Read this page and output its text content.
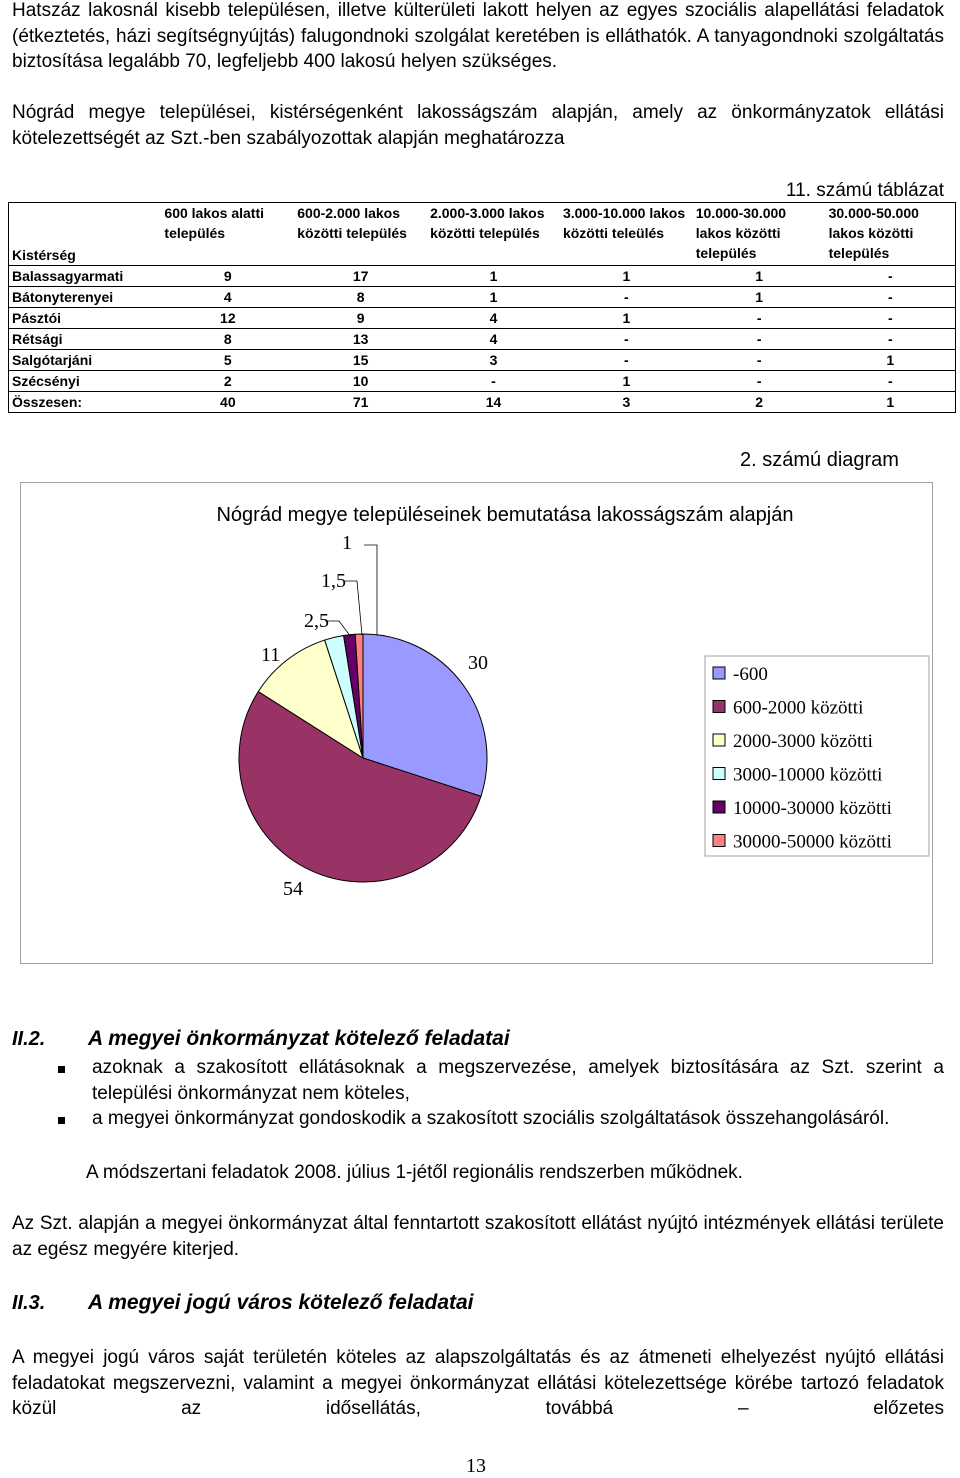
Hatszáz lakosnál kisebb településen, illetve külterületi lakott helyen az egyes szociális alapellátási feladatok (étkeztetés, házi segítségnyújtás) falugondnoki szolgálat keretében is elláthatók. A tanyagondnoki szolgáltatás biztosítása legalább 70, legfeljebb 400 lakosú helyen szükséges.

Nógrád megye települései, kistérségenként lakosságszám alapján, amely az önkormányzatok ellátási kötelezettségét az Szt.-ben szabályozottak alapján meghatározza

11. számú táblázat
Kistérség	600 lakos alatti település	600-2.000 lakos közötti település	2.000-3.000 lakos közötti település	3.000-10.000 lakos közötti teleülés	10.000-30.000 lakos közötti település	30.000-50.000 lakos közötti település
Balassagyarmati	9	17	1	1	1	-
Bátonyterenyei	4	8	1	-	1	-
Pásztói	12	9	4	1	-	-
Rétsági	8	13	4	-	-	-
Salgótarjáni	5	15	3	-	-	1
Szécsényi	2	10	-	1	-	-
Összesen:	40	71	14	3	2	1
2. számú diagram
Nógrád megye településeinek bemutatása lakosságszám alapján
30
54
11
2,5
1,5
1
-600
600-2000 közötti
2000-3000 közötti
3000-10000 közötti
10000-30000 közötti
30000-50000 közötti
II.2. A megyei önkormányzat kötelező feladatai

azoknak a szakosított ellátásoknak a megszervezése, amelyek biztosítására az Szt. szerint a települési önkormányzat nem köteles,

a megyei önkormányzat gondoskodik a szakosított szociális szolgáltatások összehangolásáról.

A módszertani feladatok 2008. július 1-jétől regionális rendszerben működnek.

Az Szt. alapján a megyei önkormányzat által fenntartott szakosított ellátást nyújtó intézmények ellátási területe az egész megyére kiterjed.

II.3. A megyei jogú város kötelező feladatai

A megyei jogú város saját területén köteles az alapszolgáltatás és az átmeneti elhelyezést nyújtó ellátási feladatokat megszervezni, valamint a megyei önkormányzat ellátási kötelezettsége körébe tartozó feladatok közül az idősellátás, továbbá – előzetes

13
